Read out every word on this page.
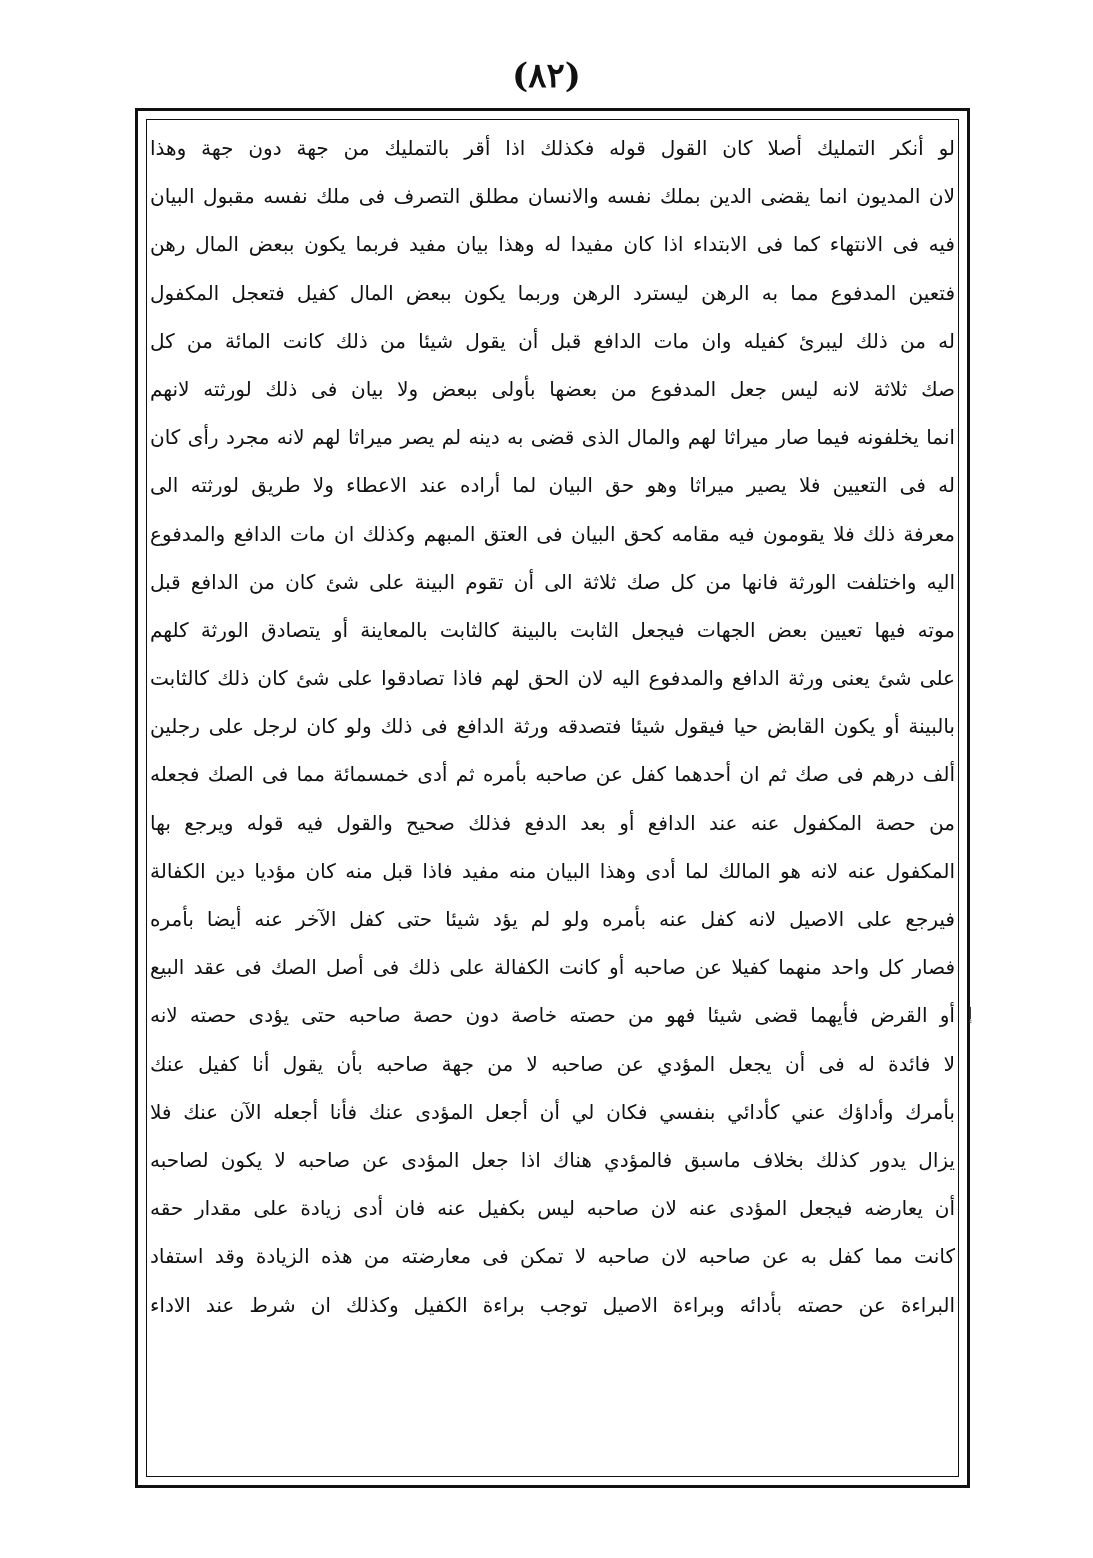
(٨٢)
لو أنكر التمليك أصلا كان القول قوله فكذلك اذا أقر بالتمليك من جهة دون جهة وهذا
لان المديون انما يقضى الدين بملك نفسه والانسان مطلق التصرف فى ملك نفسه مقبول البيان
فيه فى الانتهاء كما فى الابتداء اذا كان مفيدا له وهذا بيان مفيد فربما يكون ببعض المال رهن
فتعين المدفوع مما به الرهن ليسترد الرهن وربما يكون ببعض المال كفيل فتعجل المكفول
له من ذلك ليبرئ كفيله وان مات الدافع قبل أن يقول شيئا من ذلك كانت المائة من كل
صك ثلاثة لانه ليس جعل المدفوع من بعضها بأولى ببعض ولا بيان فى ذلك لورثته لانهم
انما يخلفونه فيما صار ميراثا لهم والمال الذى قضى به دينه لم يصر ميراثا لهم لانه مجرد رأى كان
له فى التعيين فلا يصير ميراثا وهو حق البيان لما أراده عند الاعطاء ولا طريق لورثته الى
معرفة ذلك فلا يقومون فيه مقامه كحق البيان فى العتق المبهم وكذلك ان مات الدافع والمدفوع
اليه واختلفت الورثة فانها من كل صك ثلاثة الى أن تقوم البينة على شئ كان من الدافع قبل
موته فيها تعيين بعض الجهات فيجعل الثابت بالبينة كالثابت بالمعاينة أو يتصادق الورثة كلهم
على شئ يعنى ورثة الدافع والمدفوع اليه لان الحق لهم فاذا تصادقوا على شئ كان ذلك كالثابت
بالبينة أو يكون القابض حيا فيقول شيئا فتصدقه ورثة الدافع فى ذلك ولو كان لرجل على رجلين
ألف درهم فى صك ثم ان أحدهما كفل عن صاحبه بأمره ثم أدى خمسمائة مما فى الصك فجعله
من حصة المكفول عنه عند الدافع أو بعد الدفع فذلك صحيح والقول فيه قوله ويرجع بها
المكفول عنه لانه هو المالك لما أدى وهذا البيان منه مفيد فاذا قبل منه كان مؤديا دين الكفالة
فيرجع على الاصيل لانه كفل عنه بأمره ولو لم يؤد شيئا حتى كفل الآخر عنه أيضا بأمره
فصار كل واحد منهما كفيلا عن صاحبه أو كانت الكفالة على ذلك فى أصل الصك فى عقد البيع
أو القرض فأيهما قضى شيئا فهو من حصته خاصة دون حصة صاحبه حتى يؤدى حصته لانه
لا فائدة له فى أن يجعل المؤدي عن صاحبه لا من جهة صاحبه بأن يقول أنا كفيل عنك
بأمرك وأداؤك عني كأدائي بنفسي فكان لي أن أجعل المؤدى عنك فأنا أجعله الآن عنك فلا
يزال يدور كذلك بخلاف ماسبق فالمؤدي هناك اذا جعل المؤدى عن صاحبه لا يكون لصاحبه
أن يعارضه فيجعل المؤدى عنه لان صاحبه ليس بكفيل عنه فان أدى زيادة على مقدار حقه
كانت مما كفل به عن صاحبه لان صاحبه لا تمكن فى معارضته من هذه الزيادة وقد استفاد
البراءة عن حصته بأدائه وبراءة الاصيل توجب براءة الكفيل وكذلك ان شرط عند الاداء
إ
